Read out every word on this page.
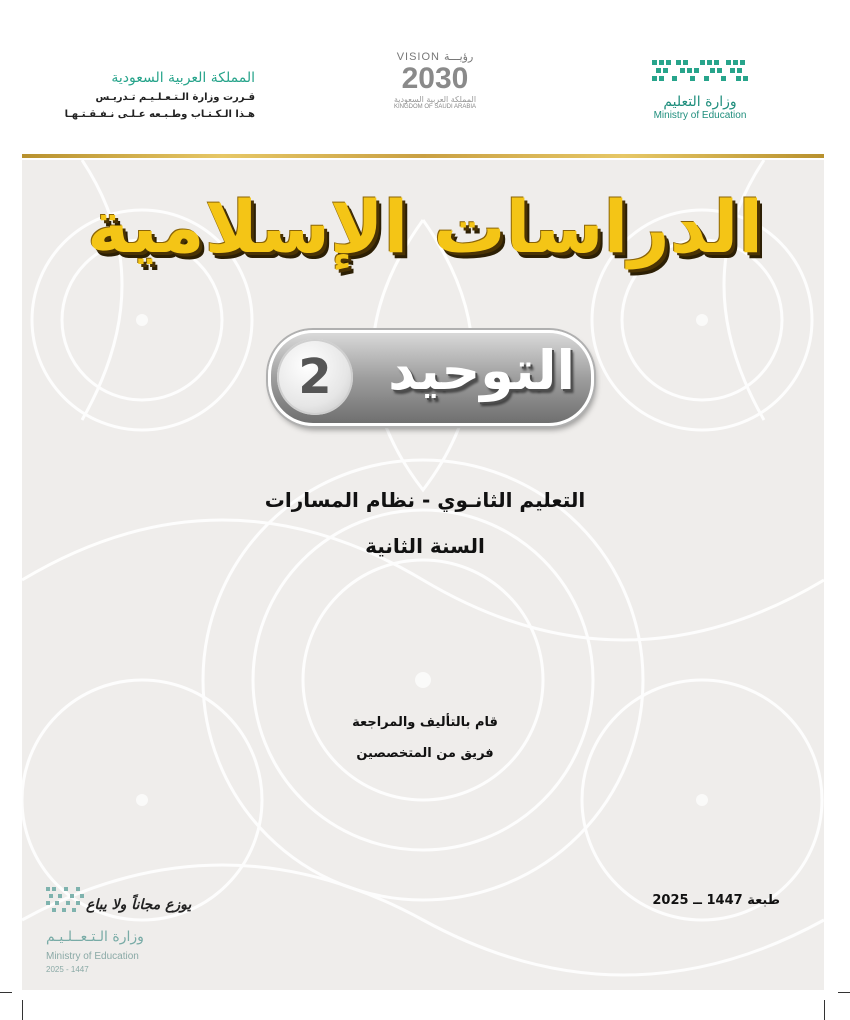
وزارة التعليم
Ministry of Education
VISION رؤيـــة
2030
المملكة العربية السعودية
KINGDOM OF SAUDI ARABIA
المملكة العربية السعودية
قـررت وزارة الـتـعـلـيـم تـدريـس
هـذا الـكـتـاب وطـبـعه عـلـى نـفـقـتـهـا
الدراسات الإسلامية
2	التوحيد
التعليم الثانـوي - نظام المسارات
السنة الثانية
قام بالتأليف والمراجعة
فريق من المتخصصين
طبعة 1447 ــ 2025
يوزع مجاناً ولا يباع
وزارة الـتـعــلـيـم
Ministry of Education
2025 - 1447
